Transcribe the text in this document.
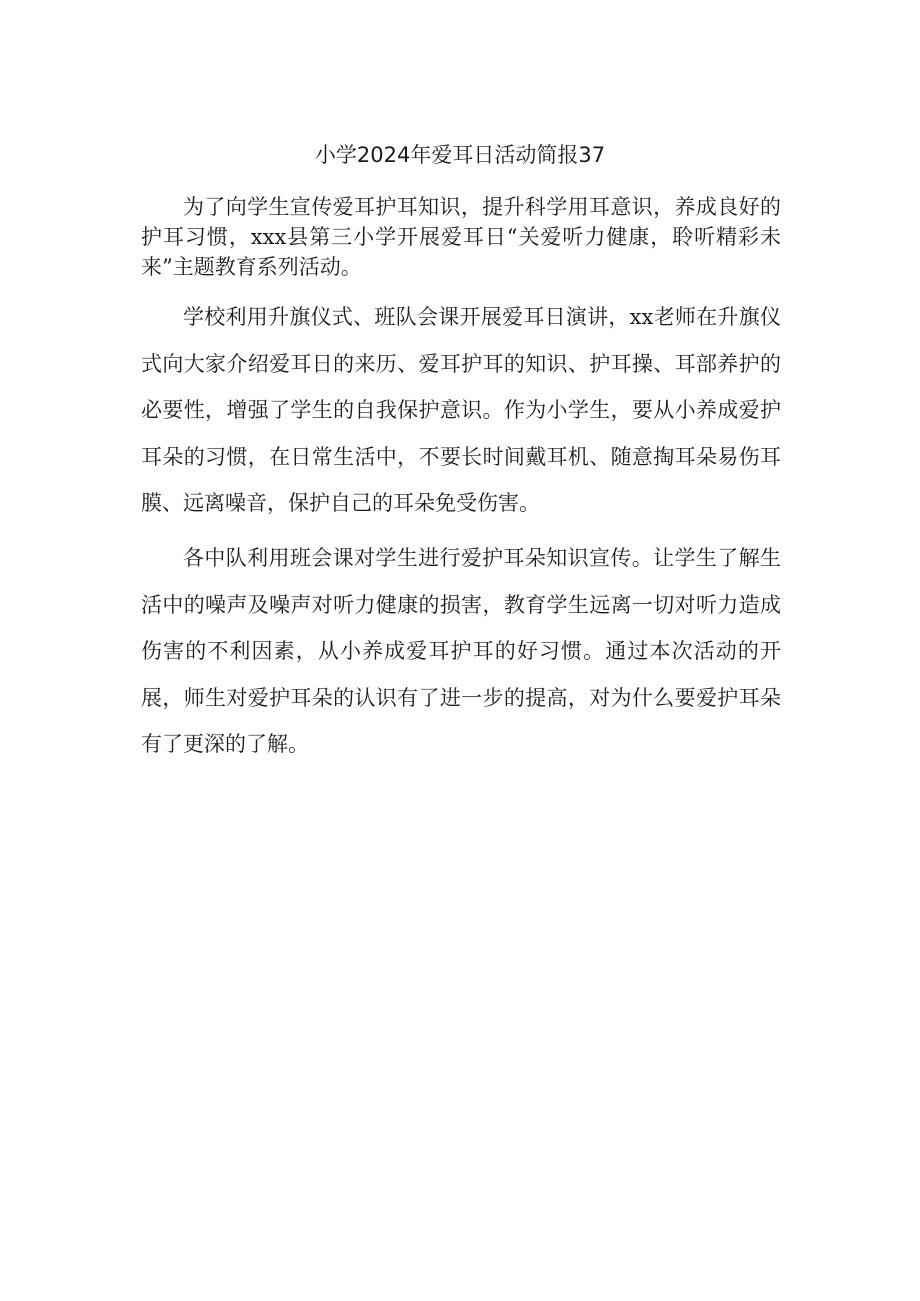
小学2024年爱耳日活动简报37

为了向学生宣传爱耳护耳知识，提升科学用耳意识，养成良好的护耳习惯，xxx县第三小学开展爱耳日“关爱听力健康，聆听精彩未来”主题教育系列活动。

学校利用升旗仪式、班队会课开展爱耳日演讲，xx老师在升旗仪式向大家介绍爱耳日的来历、爱耳护耳的知识、护耳操、耳部养护的必要性，增强了学生的自我保护意识。作为小学生，要从小养成爱护耳朵的习惯，在日常生活中，不要长时间戴耳机、随意掏耳朵易伤耳膜、远离噪音，保护自己的耳朵免受伤害。

各中队利用班会课对学生进行爱护耳朵知识宣传。让学生了解生活中的噪声及噪声对听力健康的损害，教育学生远离一切对听力造成伤害的不利因素，从小养成爱耳护耳的好习惯。通过本次活动的开展，师生对爱护耳朵的认识有了进一步的提高，对为什么要爱护耳朵有了更深的了解。
